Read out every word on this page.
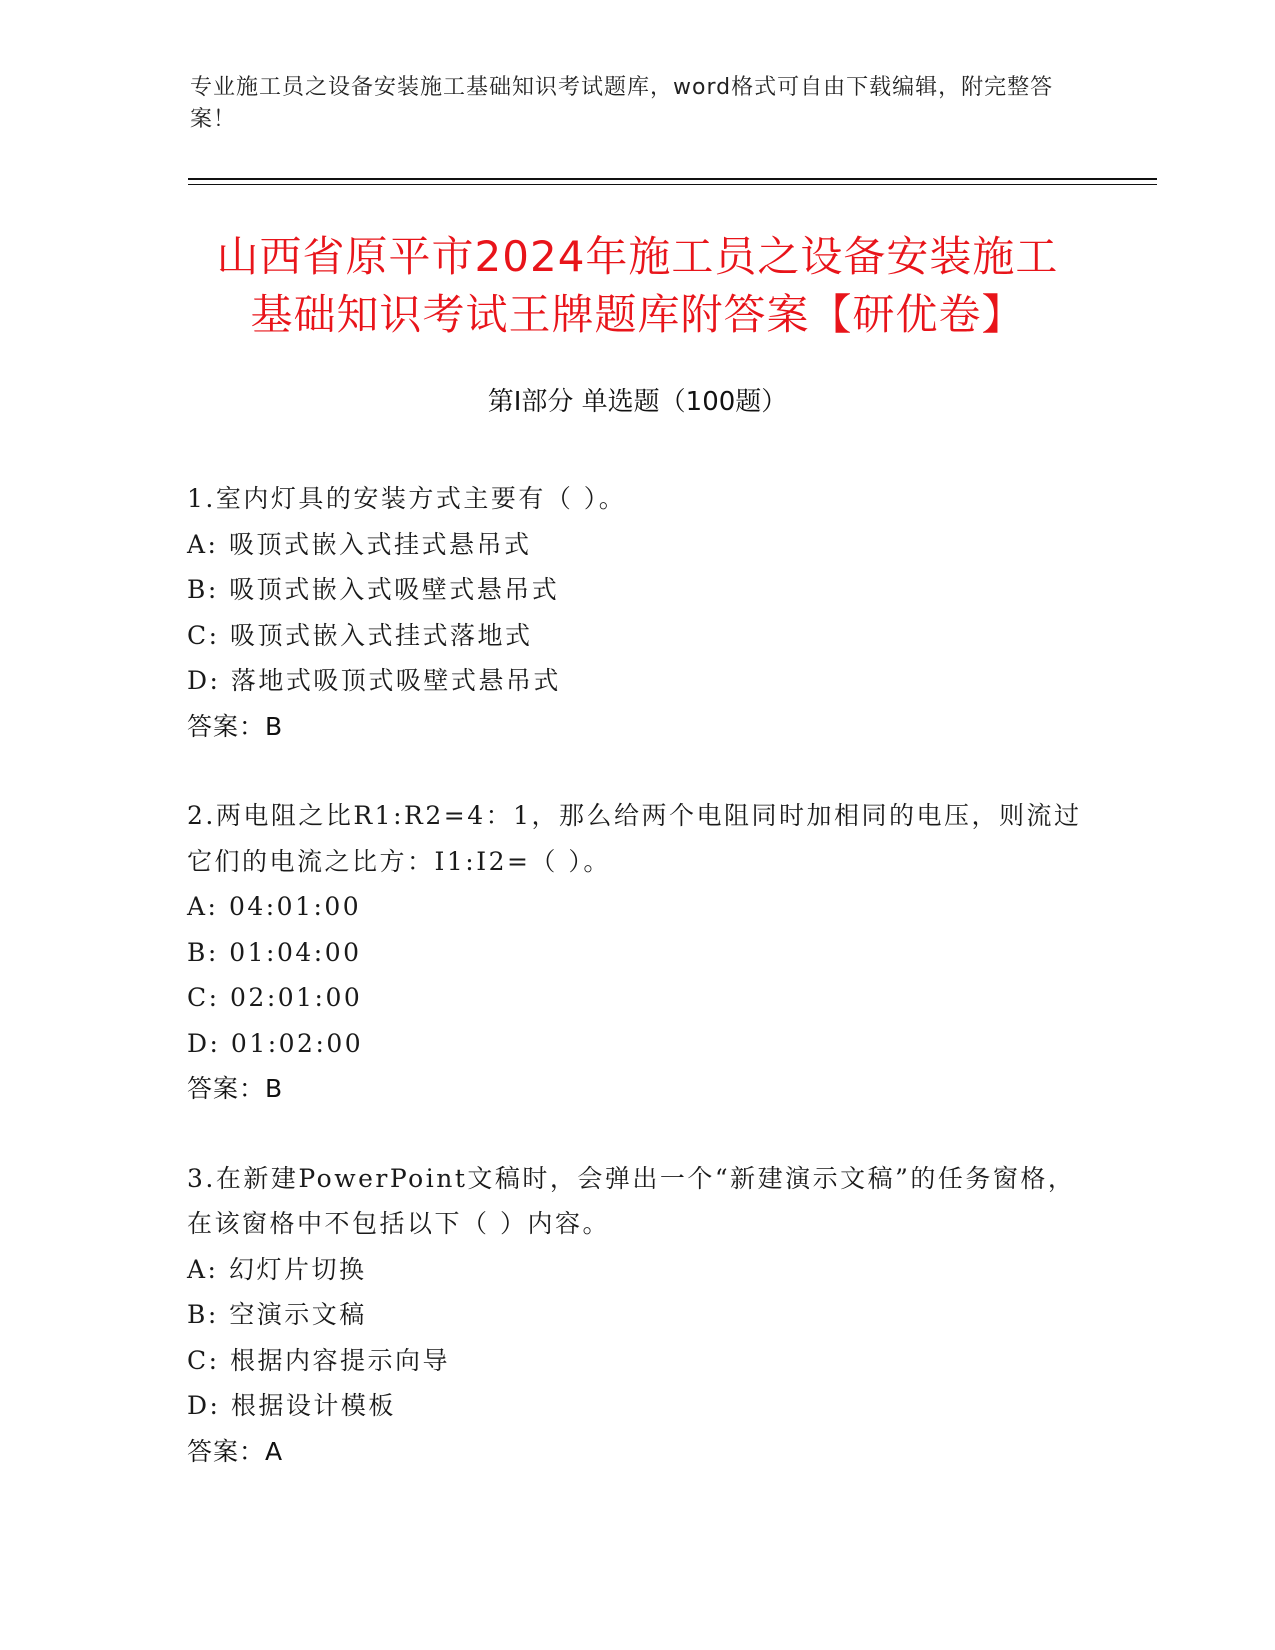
专业施工员之设备安装施工基础知识考试题库，word格式可自由下载编辑，附完整答案！
山西省原平市2024年施工员之设备安装施工
基础知识考试王牌题库附答案【研优卷】
第I部分 单选题（100题）
1.室内灯具的安装方式主要有（ ）。
A: 吸顶式嵌入式挂式悬吊式
B: 吸顶式嵌入式吸壁式悬吊式
C: 吸顶式嵌入式挂式落地式
D: 落地式吸顶式吸壁式悬吊式
答案：B
2.两电阻之比R1:R2=4：1，那么给两个电阻同时加相同的电压，则流过它们的电流之比方：I1:I2=（ ）。
A: 04:01:00
B: 01:04:00
C: 02:01:00
D: 01:02:00
答案：B
3.在新建PowerPoint文稿时，会弹出一个“新建演示文稿”的任务窗格，在该窗格中不包括以下（ ）内容。
A: 幻灯片切换
B: 空演示文稿
C: 根据内容提示向导
D: 根据设计模板
答案：A
